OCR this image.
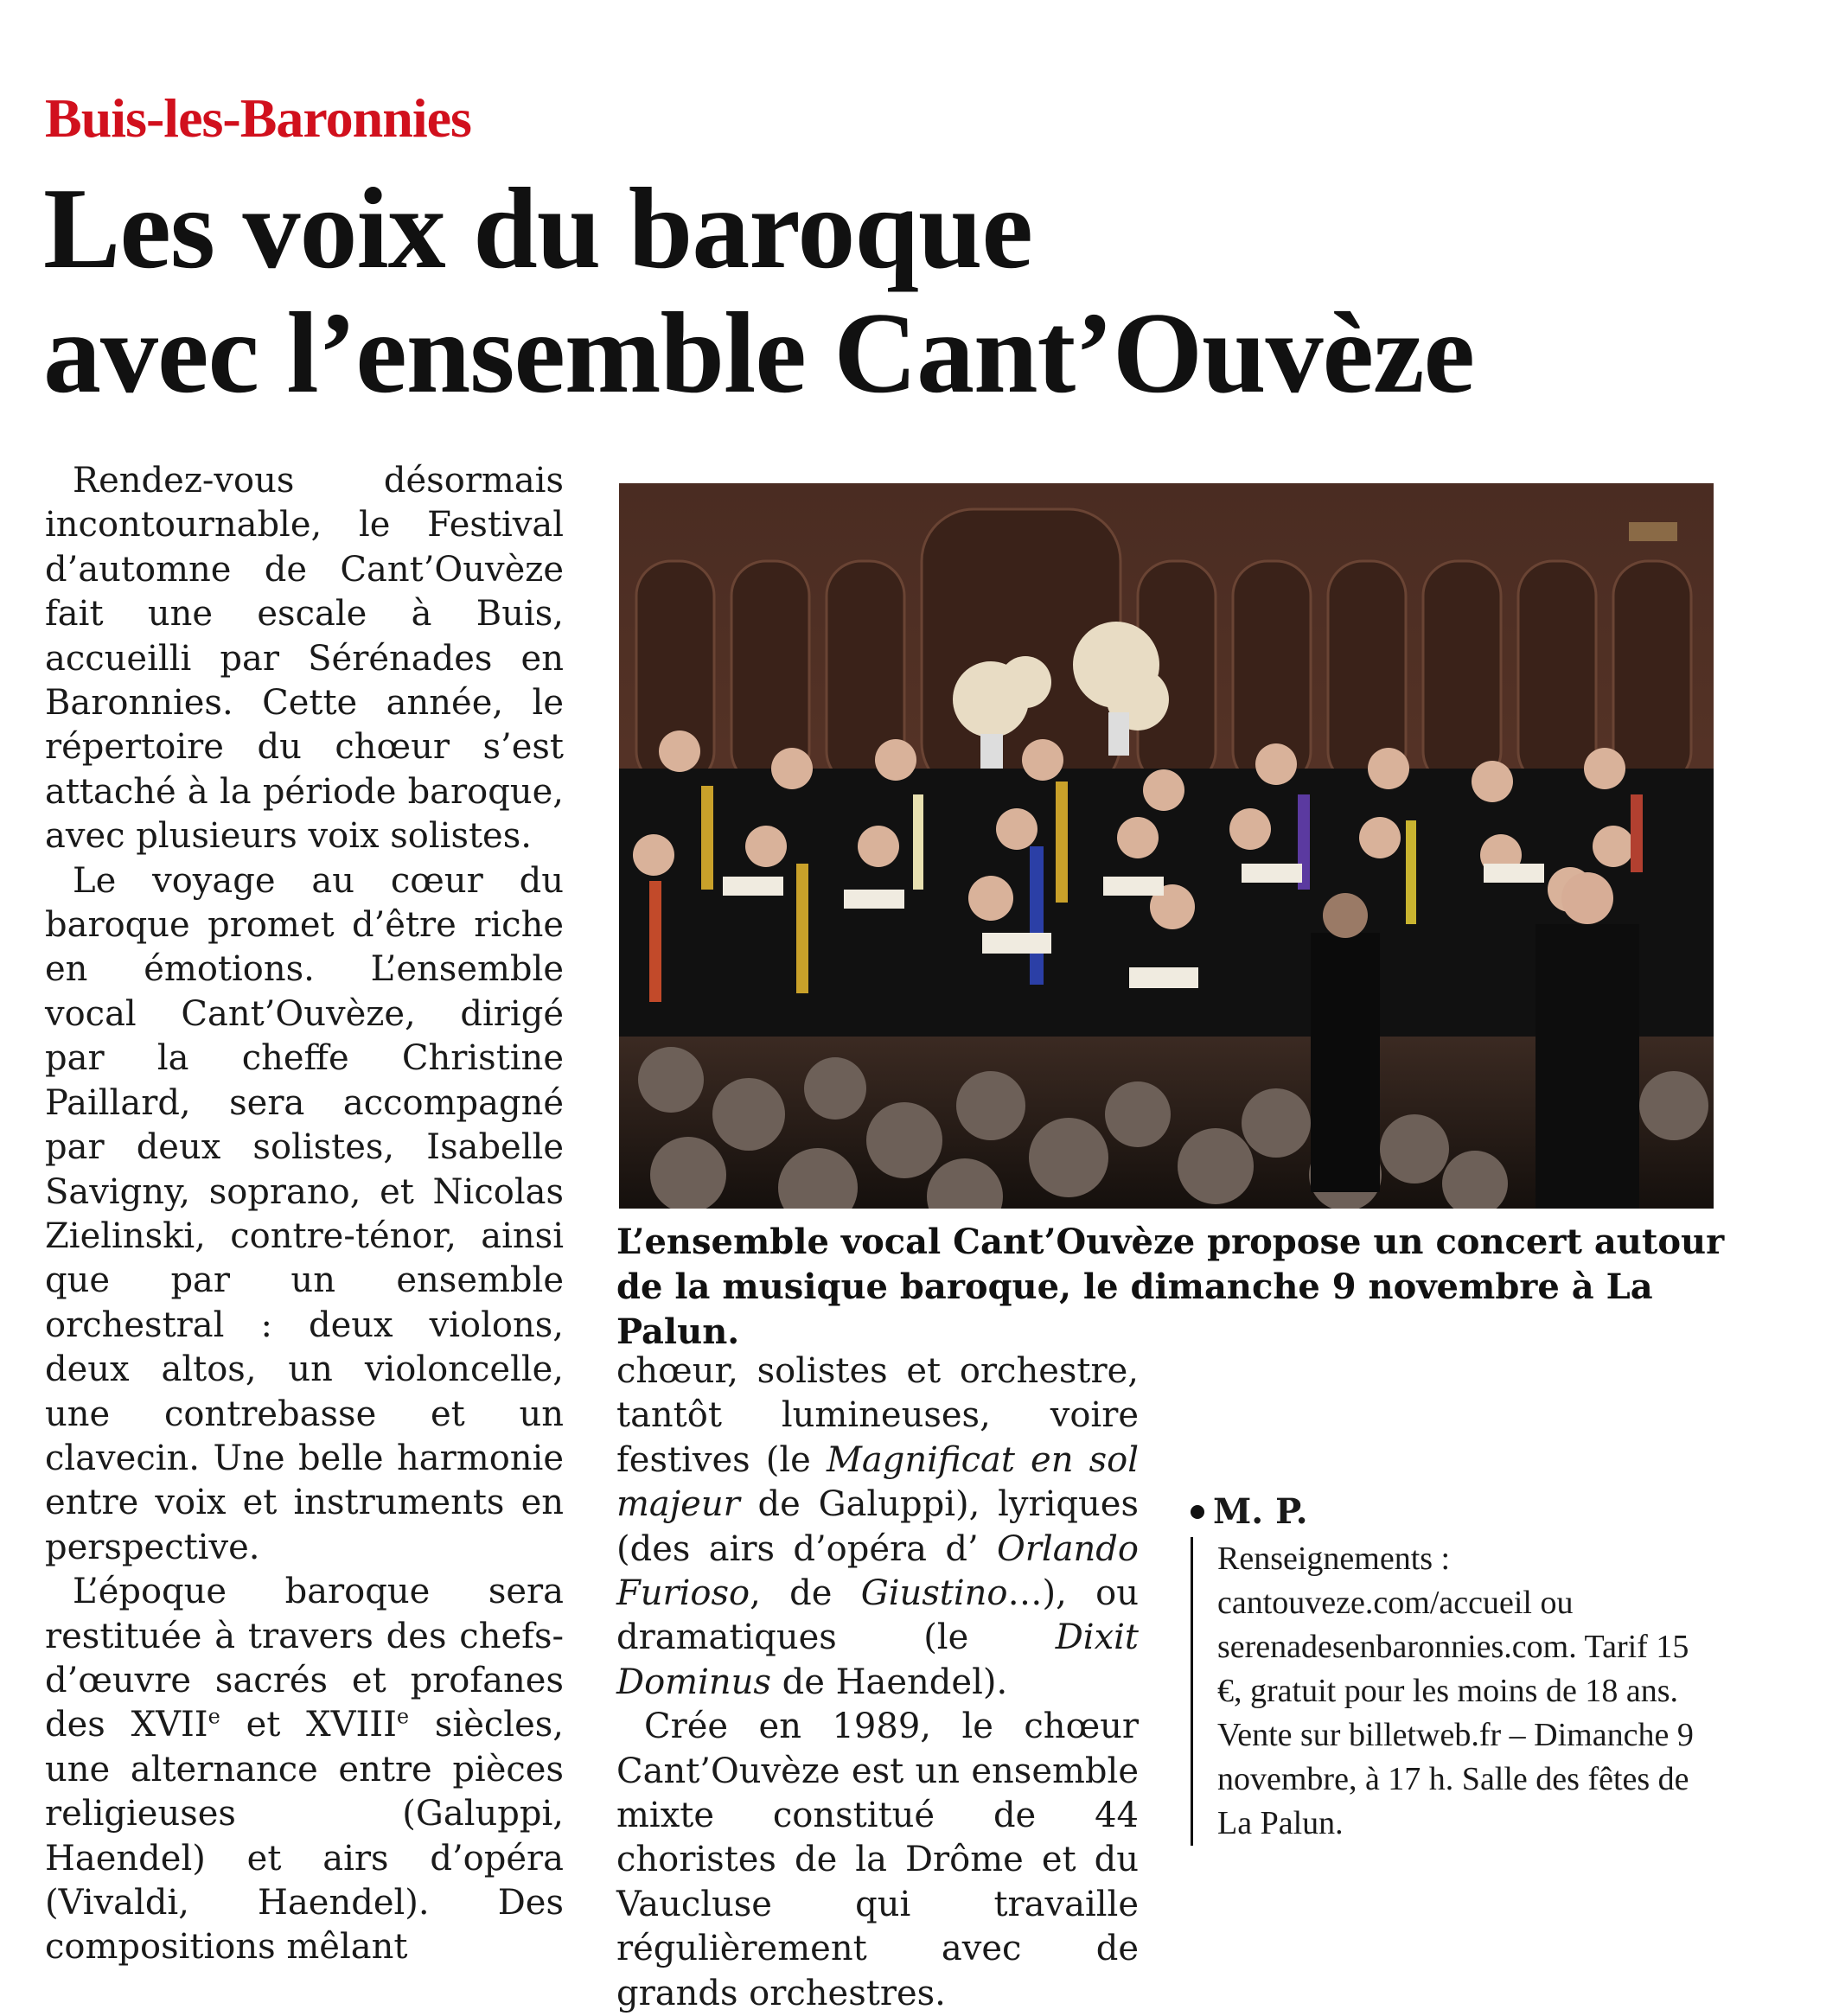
Buis-les-Baronnies
Les voix du baroque
avec l’ensemble Cant’Ouvèze

Rendez-vous désormais incontournable, le Festival d’automne de Cant’Ouvèze fait une escale à Buis, accueilli par Sérénades en Baronnies. Cette année, le répertoire du chœur s’est attaché à la période baroque, avec plusieurs voix solistes.

Le voyage au cœur du baroque promet d’être riche en émotions. L’ensemble vocal Cant’Ouvèze, dirigé par la cheffe Christine Paillard, sera accompagné par deux solistes, Isabelle Savigny, soprano, et Nicolas Zielinski, contre-ténor, ainsi que par un ensemble orchestral : deux violons, deux altos, un violoncelle, une contrebasse et un clavecin. Une belle harmonie entre voix et instruments en perspective.

L’époque baroque sera restituée à travers des chefs-d’œuvre sacrés et profanes des XVIIe et XVIIIe siècles, une alternance entre pièces religieuses (Galuppi, Haendel) et airs d’opéra (Vivaldi, Haendel). Des compositions mêlant

L’ensemble vocal Cant’Ouvèze propose un concert autour
de la musique baroque, le dimanche 9 novembre à La Palun.

chœur, solistes et orchestre, tantôt lumineuses, voire festives (le Magnificat en sol majeur de Galuppi), lyriques (des airs d’opéra d’ Orlando Furioso, de Giustino…), ou dramatiques (le Dixit Dominus de Haendel).

Crée en 1989, le chœur Cant’Ouvèze est un ensemble mixte constitué de 44 choristes de la Drôme et du Vaucluse qui travaille régulièrement avec de grands orchestres.

M. P.

Renseignements : cantouveze.com/accueil ou serenadesenbaronnies.com. Tarif 15 €, gratuit pour les moins de 18 ans. Vente sur billetweb.fr – Dimanche 9 novembre, à 17 h. Salle des fêtes de La Palun.
